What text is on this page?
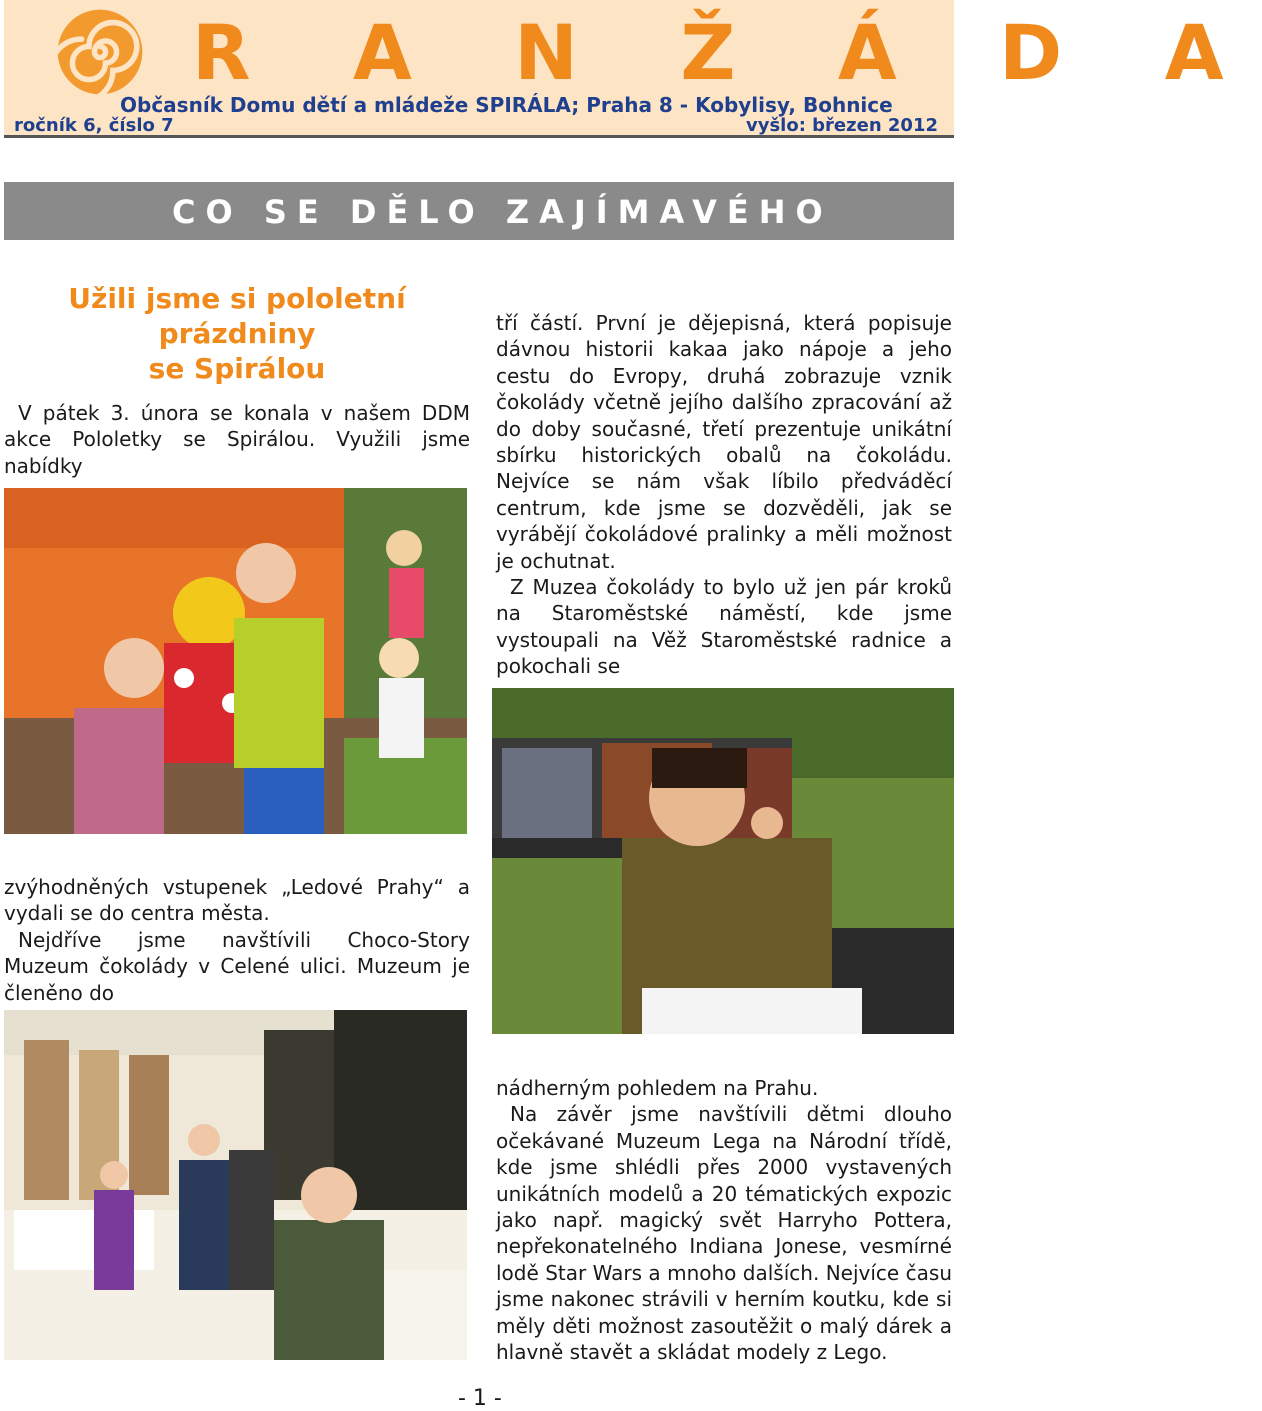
R A N Ž Á D A
Občasník Domu dětí a mládeže SPIRÁLA; Praha 8 - Kobylisy, Bohnice
ročník 6, číslo 7	vyšlo: březen 2012
CO SE DĚLO ZAJÍMAVÉHO
Užili jsme si pololetní prázdniny
se Spirálou

V pátek 3. února se konala v našem DDM akce Pololetky se Spirálou. Využili jsme nabídky

zvýhodněných vstupenek „Ledové Prahy“ a vydali se do centra města.

Nejdříve jsme navštívili Choco-Story Muzeum čokolády v Celené ulici. Muzeum je členěno do

tří částí. První je dějepisná, která popisuje dávnou historii kakaa jako nápoje a jeho cestu do Evropy, druhá zobrazuje vznik čokolády včetně jejího dalšího zpracování až do doby současné, třetí prezentuje unikátní sbírku historických obalů na čokoládu. Nejvíce se nám však líbilo předváděcí centrum, kde jsme se dozvěděli, jak se vyrábějí čokoládové pralinky a měli možnost je ochutnat.

Z Muzea čokolády to bylo už jen pár kroků na Staroměstské náměstí, kde jsme vystoupali na Věž Staroměstské radnice a pokochali se

nádherným pohledem na Prahu.

Na závěr jsme navštívili dětmi dlouho očekávané Muzeum Lega na Národní třídě, kde jsme shlédli přes 2000 vystavených unikátních modelů a 20 tématických expozic jako např. magický svět Harryho Pottera, nepřekonatelného Indiana Jonese, vesmírné lodě Star Wars a mnoho dalších. Nejvíce času jsme nakonec strávili v herním koutku, kde si měly děti možnost zasoutěžit o malý dárek a hlavně stavět a skládat modely z Lego.

- 1 -
